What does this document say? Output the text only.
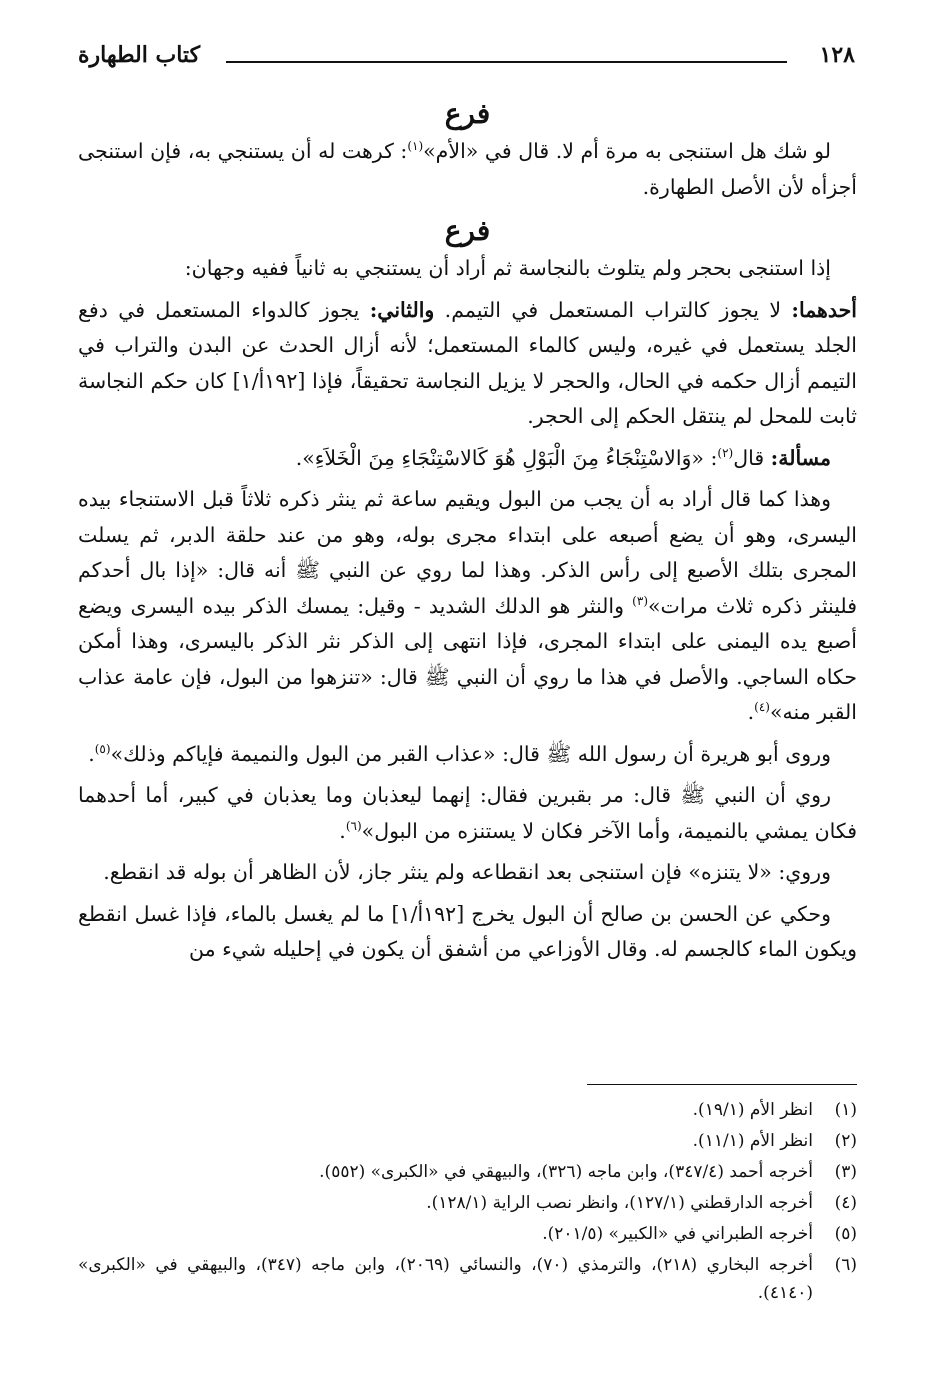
١٢٨
كتاب الطهارة
فرع

لو شك هل استنجى به مرة أم لا. قال في «الأم»$^{(١)}$: كرهت له أن يستنجي به، فإن استنجى أجزأه لأن الأصل الطهارة.

فرع

إذا استنجى بحجر ولم يتلوث بالنجاسة ثم أراد أن يستنجي به ثانياً ففيه وجهان:

أحدهما: لا يجوز كالتراب المستعمل في التيمم. والثاني: يجوز كالدواء المستعمل في دفع الجلد يستعمل في غيره، وليس كالماء المستعمل؛ لأنه أزال الحدث عن البدن والتراب في التيمم أزال حكمه في الحال، والحجر لا يزيل النجاسة تحقيقاً، فإذا [١٩٢أ/١] كان حكم النجاسة ثابت للمحل لم ينتقل الحكم إلى الحجر.

مسألة: قال$^{(٢)}$: «وَالاسْتِنْجَاءُ مِنَ الْبَوْلِ هُوَ كَالاسْتِنْجَاءِ مِنَ الْخَلاَءِ».

وهذا كما قال أراد به أن يجب من البول ويقيم ساعة ثم ينثر ذكره ثلاثاً قبل الاستنجاء بيده اليسرى، وهو أن يضع أصبعه على ابتداء مجرى بوله، وهو من عند حلقة الدبر، ثم يسلت المجرى بتلك الأصبع إلى رأس الذكر. وهذا لما روي عن النبي ﷺ أنه قال: «إذا بال أحدكم فلينثر ذكره ثلاث مرات»$^{(٣)}$ والنثر هو الدلك الشديد - وقيل: يمسك الذكر بيده اليسرى ويضع أصبع يده اليمنى على ابتداء المجرى، فإذا انتهى إلى الذكر نثر الذكر باليسرى، وهذا أمكن حكاه الساجي. والأصل في هذا ما روي أن النبي ﷺ قال: «تنزهوا من البول، فإن عامة عذاب القبر منه»$^{(٤)}$.

وروى أبو هريرة أن رسول الله ﷺ قال: «عذاب القبر من البول والنميمة فإياكم وذلك»$^{(٥)}$.

روي أن النبي ﷺ قال: مر بقبرين فقال: إنهما ليعذبان وما يعذبان في كبير، أما أحدهما فكان يمشي بالنميمة، وأما الآخر فكان لا يستنزه من البول»$^{(٦)}$.

وروي: «لا يتنزه» فإن استنجى بعد انقطاعه ولم ينثر جاز، لأن الظاهر أن بوله قد انقطع.

وحكي عن الحسن بن صالح أن البول يخرج [١٩٢أ/١] ما لم يغسل بالماء، فإذا غسل انقطع ويكون الماء كالجسم له. وقال الأوزاعي من أشفق أن يكون في إحليله شيء من

(١)
انظر الأم (١٩/١).
(٢)
انظر الأم (١١/١).
(٣)
أخرجه أحمد (٣٤٧/٤)، وابن ماجه (٣٢٦)، والبيهقي في «الكبرى» (٥٥٢).
(٤)
أخرجه الدارقطني (١٢٧/١)، وانظر نصب الراية (١٢٨/١).
(٥)
أخرجه الطبراني في «الكبير» (٢٠١/٥).
(٦)
أخرجه البخاري (٢١٨)، والترمذي (٧٠)، والنسائي (٢٠٦٩)، وابن ماجه (٣٤٧)، والبيهقي في «الكبرى» (٤١٤٠).
